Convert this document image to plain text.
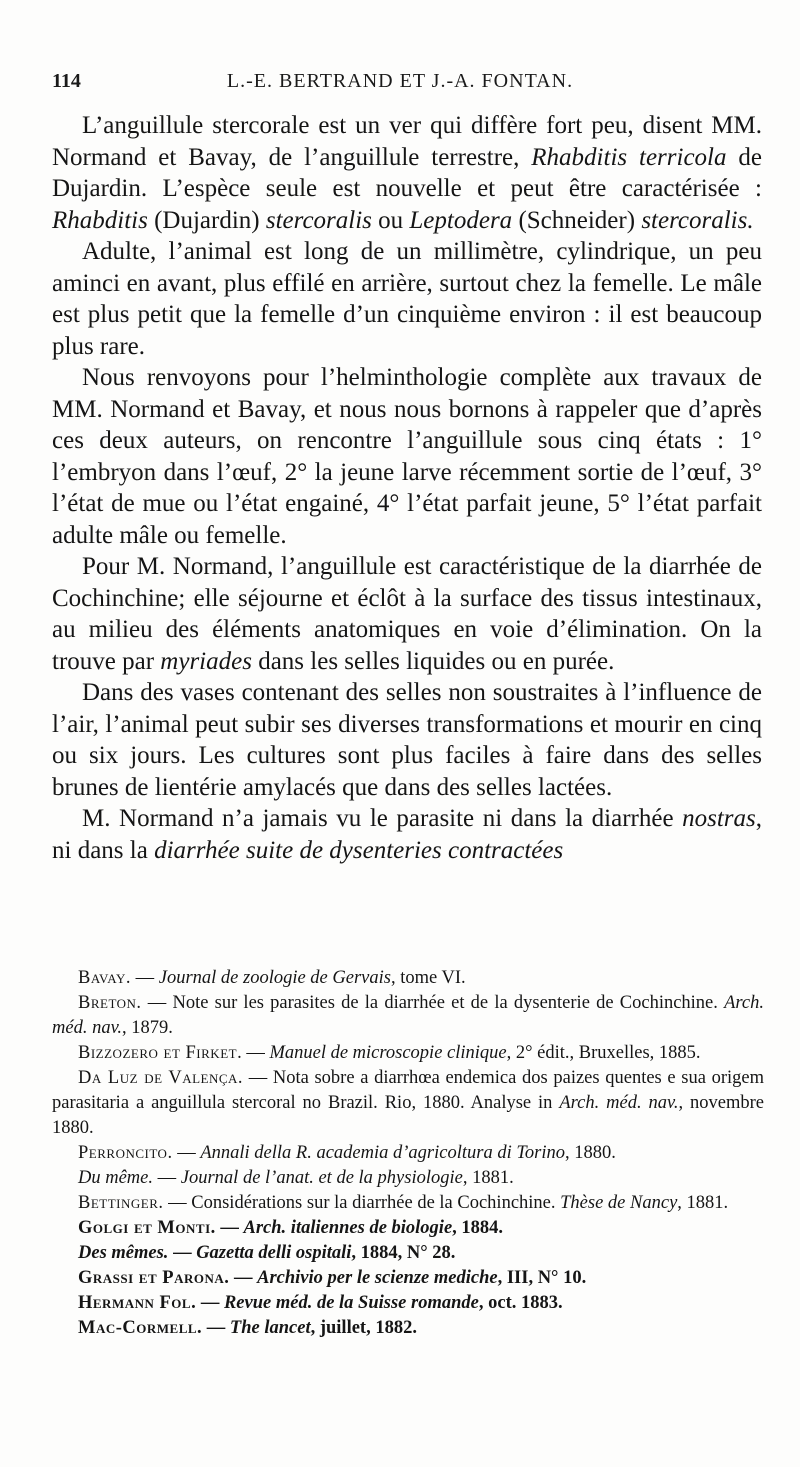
114	L.-E. BERTRAND ET J.-A. FONTAN.

L’anguillule stercorale est un ver qui diffère fort peu, disent MM. Normand et Bavay, de l’anguillule terrestre, Rhabditis terricola de Dujardin. L’espèce seule est nouvelle et peut être caractérisée : Rhabditis (Dujardin) stercoralis ou Leptodera (Schneider) stercoralis.

Adulte, l’animal est long de un millimètre, cylindrique, un peu aminci en avant, plus effilé en arrière, surtout chez la femelle. Le mâle est plus petit que la femelle d’un cinquième environ : il est beaucoup plus rare.

Nous renvoyons pour l’helminthologie complète aux travaux de MM. Normand et Bavay, et nous nous bornons à rappeler que d’après ces deux auteurs, on rencontre l’anguillule sous cinq états : 1° l’embryon dans l’œuf, 2° la jeune larve récemment sortie de l’œuf, 3° l’état de mue ou l’état engainé, 4° l’état parfait jeune, 5° l’état parfait adulte mâle ou femelle.

Pour M. Normand, l’anguillule est caractéristique de la diarrhée de Cochinchine; elle séjourne et éclôt à la surface des tissus intestinaux, au milieu des éléments anatomiques en voie d’élimination. On la trouve par myriades dans les selles liquides ou en purée.

Dans des vases contenant des selles non soustraites à l’influence de l’air, l’animal peut subir ses diverses transformations et mourir en cinq ou six jours. Les cultures sont plus faciles à faire dans des selles brunes de lientérie amylacés que dans des selles lactées.

M. Normand n’a jamais vu le parasite ni dans la diarrhée nostras, ni dans la diarrhée suite de dysenteries contractées

Bavay. — Journal de zoologie de Gervais, tome VI.

Breton. — Note sur les parasites de la diarrhée et de la dysenterie de Cochinchine. Arch. méd. nav., 1879.

Bizzozero et Firket. — Manuel de microscopie clinique, 2° édit., Bruxelles, 1885.

Da Luz de Valença. — Nota sobre a diarrhœa endemica dos paizes quentes e sua origem parasitaria a anguillula stercoral no Brazil. Rio, 1880. Analyse in Arch. méd. nav., novembre 1880.

Perroncito. — Annali della R. academia d’agricoltura di Torino, 1880.

Du même. — Journal de l’anat. et de la physiologie, 1881.

Bettinger. — Considérations sur la diarrhée de la Cochinchine. Thèse de Nancy, 1881.

Golgi et Monti. — Arch. italiennes de biologie, 1884.

Des mêmes. — Gazetta delli ospitali, 1884, N° 28.

Grassi et Parona. — Archivio per le scienze mediche, III, N° 10.

Hermann Fol. — Revue méd. de la Suisse romande, oct. 1883.

Mac-Cormell. — The lancet, juillet, 1882.
